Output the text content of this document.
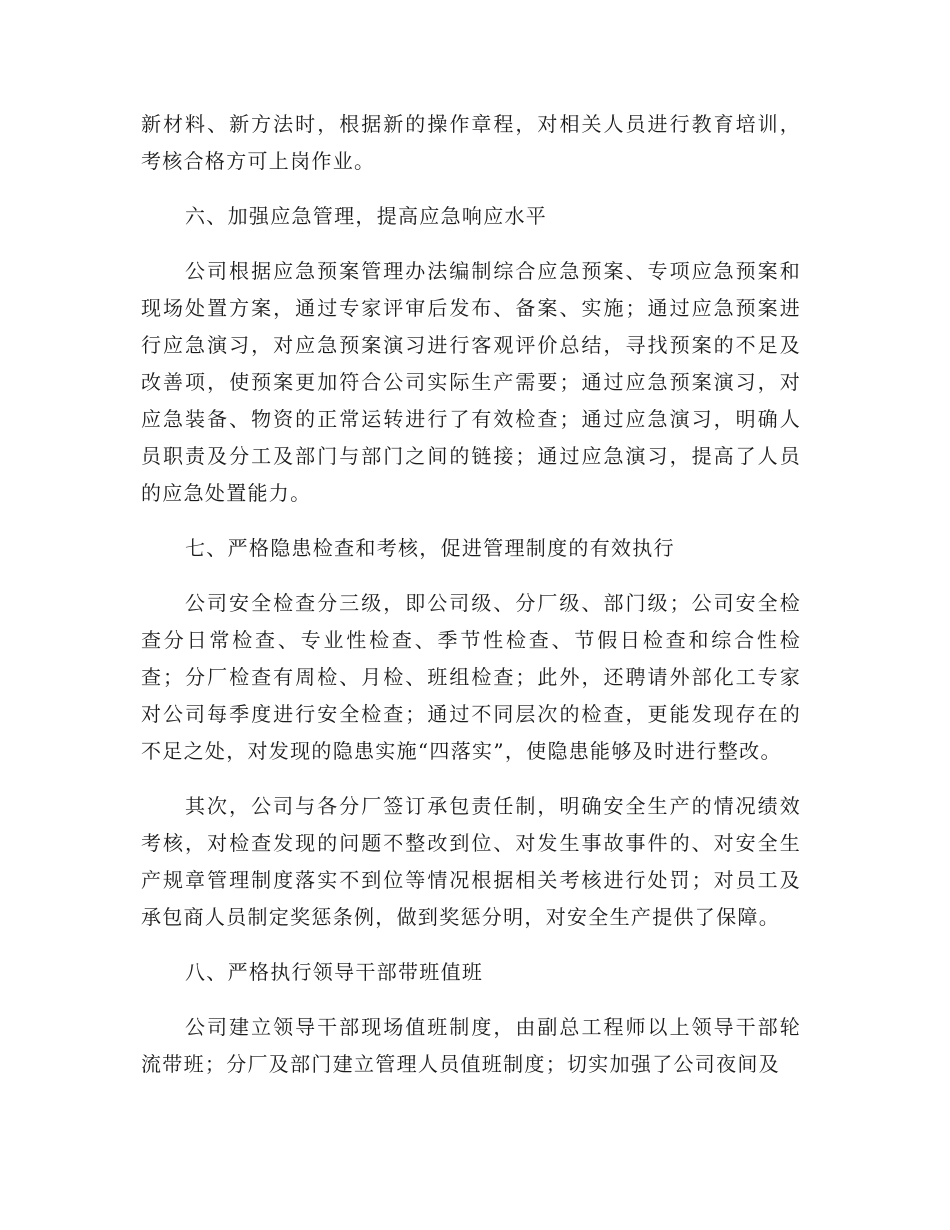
新材料、新方法时，根据新的操作章程，对相关人员进行教育培训，考核合格方可上岗作业。

六、加强应急管理，提高应急响应水平

公司根据应急预案管理办法编制综合应急预案、专项应急预案和现场处置方案，通过专家评审后发布、备案、实施；通过应急预案进行应急演习，对应急预案演习进行客观评价总结，寻找预案的不足及改善项，使预案更加符合公司实际生产需要；通过应急预案演习，对应急装备、物资的正常运转进行了有效检查；通过应急演习，明确人员职责及分工及部门与部门之间的链接；通过应急演习，提高了人员的应急处置能力。

七、严格隐患检查和考核，促进管理制度的有效执行

公司安全检查分三级，即公司级、分厂级、部门级；公司安全检查分日常检查、专业性检查、季节性检查、节假日检查和综合性检查；分厂检查有周检、月检、班组检查；此外，还聘请外部化工专家对公司每季度进行安全检查；通过不同层次的检查，更能发现存在的不足之处，对发现的隐患实施“四落实”，使隐患能够及时进行整改。

其次，公司与各分厂签订承包责任制，明确安全生产的情况绩效考核，对检查发现的问题不整改到位、对发生事故事件的、对安全生产规章管理制度落实不到位等情况根据相关考核进行处罚；对员工及承包商人员制定奖惩条例，做到奖惩分明，对安全生产提供了保障。

八、严格执行领导干部带班值班

公司建立领导干部现场值班制度，由副总工程师以上领导干部轮流带班；分厂及部门建立管理人员值班制度；切实加强了公司夜间及
